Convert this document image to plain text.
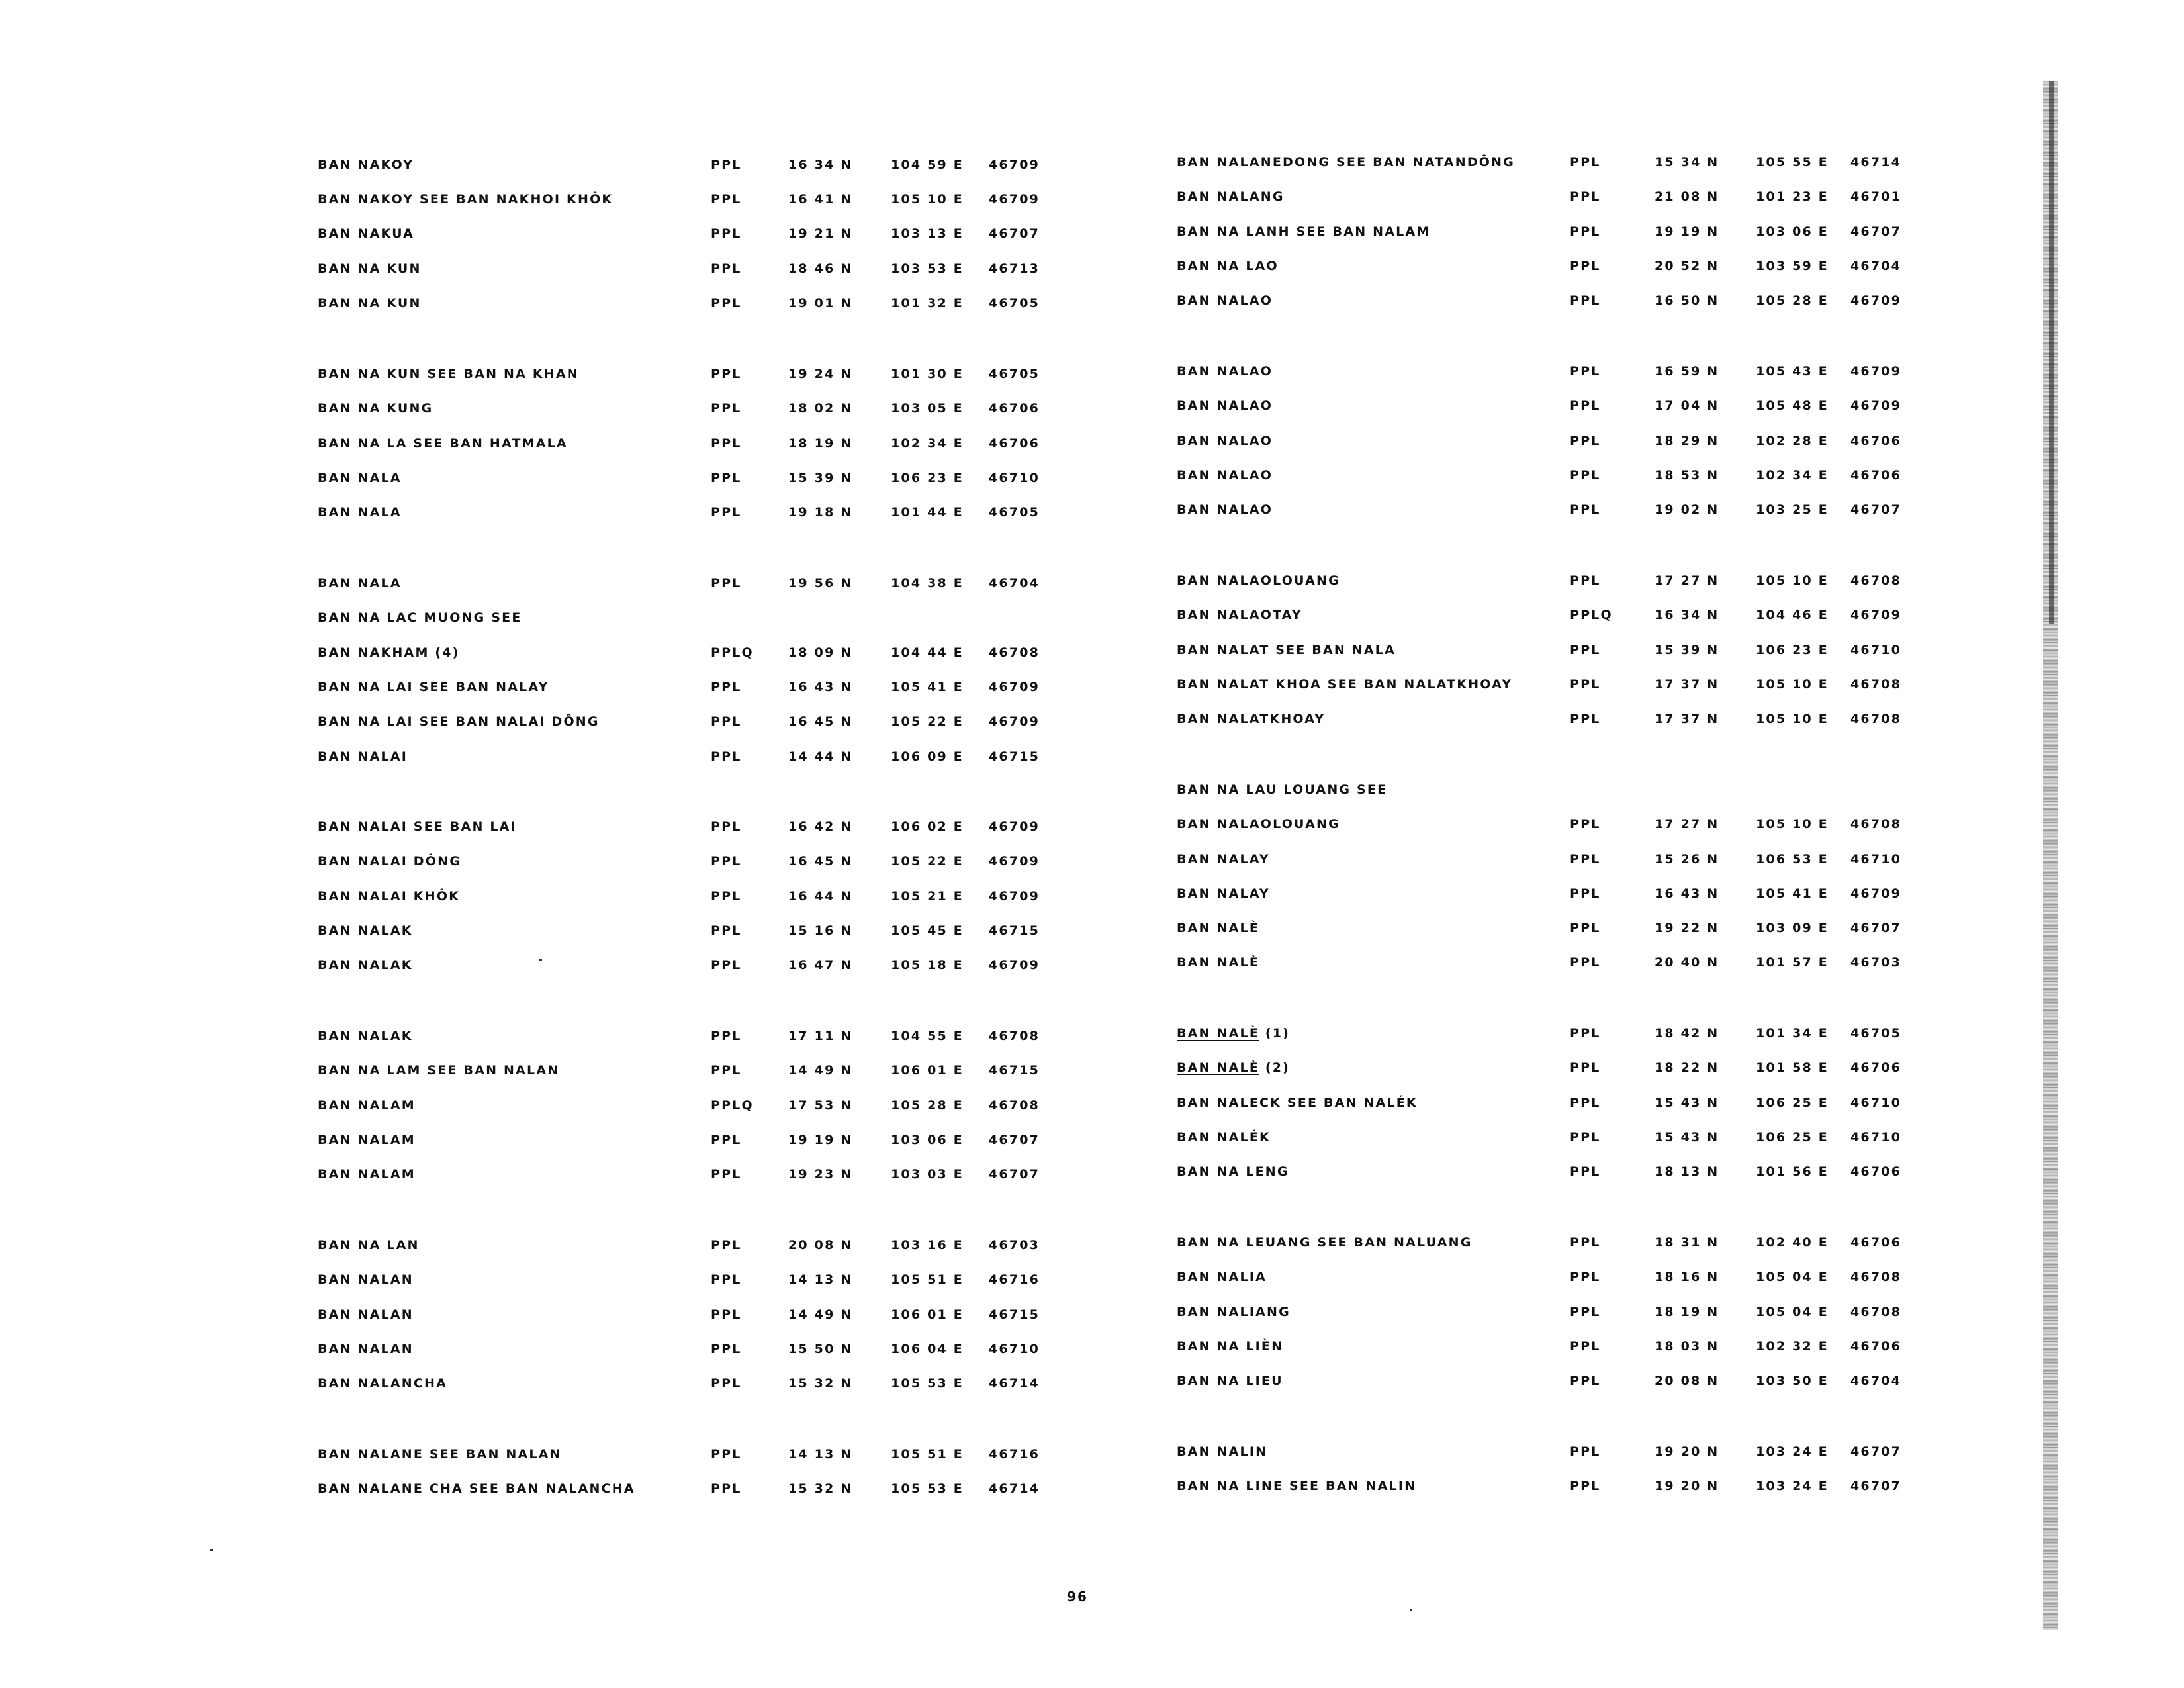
BAN NAKOY	PPL	16 34 N	104 59 E 46709
BAN NAKOY SEE BAN NAKHOI KHÔK	PPL	16 41 N	105 10 E 46709
BAN NAKUA	PPL	19 21 N	103 13 E 46707
BAN NA KUN	PPL	18 46 N	103 53 E 46713
BAN NA KUN	PPL	19 01 N	101 32 E 46705
BAN NA KUN SEE BAN NA KHAN	PPL	19 24 N	101 30 E 46705
BAN NA KUNG	PPL	18 02 N	103 05 E 46706
BAN NA LA SEE BAN HATMALA	PPL	18 19 N	102 34 E 46706
BAN NALA	PPL	15 39 N	106 23 E 46710
BAN NALA	PPL	19 18 N	101 44 E 46705
BAN NALA	PPL	19 56 N	104 38 E 46704
BAN NA LAC MUONG SEE
BAN NAKHAM (4)	PPLQ	18 09 N	104 44 E 46708
BAN NA LAI SEE BAN NALAY	PPL	16 43 N	105 41 E 46709
BAN NA LAI SEE BAN NALAI DÔNG	PPL	16 45 N	105 22 E 46709
BAN NALAI	PPL	14 44 N	106 09 E 46715
BAN NALAI SEE BAN LAI	PPL	16 42 N	106 02 E 46709
BAN NALAI DÔNG	PPL	16 45 N	105 22 E 46709
BAN NALAI KHÔK	PPL	16 44 N	105 21 E 46709
BAN NALAK	PPL	15 16 N	105 45 E 46715
BAN NALAK	PPL	16 47 N	105 18 E 46709
BAN NALAK	PPL	17 11 N	104 55 E 46708
BAN NA LAM SEE BAN NALAN	PPL	14 49 N	106 01 E 46715
BAN NALAM	PPLQ	17 53 N	105 28 E 46708
BAN NALAM	PPL	19 19 N	103 06 E 46707
BAN NALAM	PPL	19 23 N	103 03 E 46707
BAN NA LAN	PPL	20 08 N	103 16 E 46703
BAN NALAN	PPL	14 13 N	105 51 E 46716
BAN NALAN	PPL	14 49 N	106 01 E 46715
BAN NALAN	PPL	15 50 N	106 04 E 46710
BAN NALANCHA	PPL	15 32 N	105 53 E 46714
BAN NALANE SEE BAN NALAN	PPL	14 13 N	105 51 E 46716
BAN NALANE CHA SEE BAN NALANCHA	PPL	15 32 N	105 53 E 46714
BAN NALANEDONG SEE BAN NATANDÔNG	PPL	15 34 N	105 55 E 46714
BAN NALANG	PPL	21 08 N	101 23 E 46701
BAN NA LANH SEE BAN NALAM	PPL	19 19 N	103 06 E 46707
BAN NA LAO	PPL	20 52 N	103 59 E 46704
BAN NALAO	PPL	16 50 N	105 28 E 46709
BAN NALAO	PPL	16 59 N	105 43 E 46709
BAN NALAO	PPL	17 04 N	105 48 E 46709
BAN NALAO	PPL	18 29 N	102 28 E 46706
BAN NALAO	PPL	18 53 N	102 34 E 46706
BAN NALAO	PPL	19 02 N	103 25 E 46707
BAN NALAOLOUANG	PPL	17 27 N	105 10 E 46708
BAN NALAOTAY	PPLQ	16 34 N	104 46 E 46709
BAN NALAT SEE BAN NALA	PPL	15 39 N	106 23 E 46710
BAN NALAT KHOA SEE BAN NALATKHOAY	PPL	17 37 N	105 10 E 46708
BAN NALATKHOAY	PPL	17 37 N	105 10 E 46708
BAN NA LAU LOUANG SEE
BAN NALAOLOUANG	PPL	17 27 N	105 10 E 46708
BAN NALAY	PPL	15 26 N	106 53 E 46710
BAN NALAY	PPL	16 43 N	105 41 E 46709
BAN NALÈ	PPL	19 22 N	103 09 E 46707
BAN NALÈ	PPL	20 40 N	101 57 E 46703
BAN NALÈ (1)	PPL	18 42 N	101 34 E 46705
BAN NALÈ (2)	PPL	18 22 N	101 58 E 46706
BAN NALECK SEE BAN NALÉK	PPL	15 43 N	106 25 E 46710
BAN NALÉK	PPL	15 43 N	106 25 E 46710
BAN NA LENG	PPL	18 13 N	101 56 E 46706
BAN NA LEUANG SEE BAN NALUANG	PPL	18 31 N	102 40 E 46706
BAN NALIA	PPL	18 16 N	105 04 E 46708
BAN NALIANG	PPL	18 19 N	105 04 E 46708
BAN NA LIÈN	PPL	18 03 N	102 32 E 46706
BAN NA LIEU	PPL	20 08 N	103 50 E 46704
BAN NALIN	PPL	19 20 N	103 24 E 46707
BAN NA LINE SEE BAN NALIN	PPL	19 20 N	103 24 E 46707
96
